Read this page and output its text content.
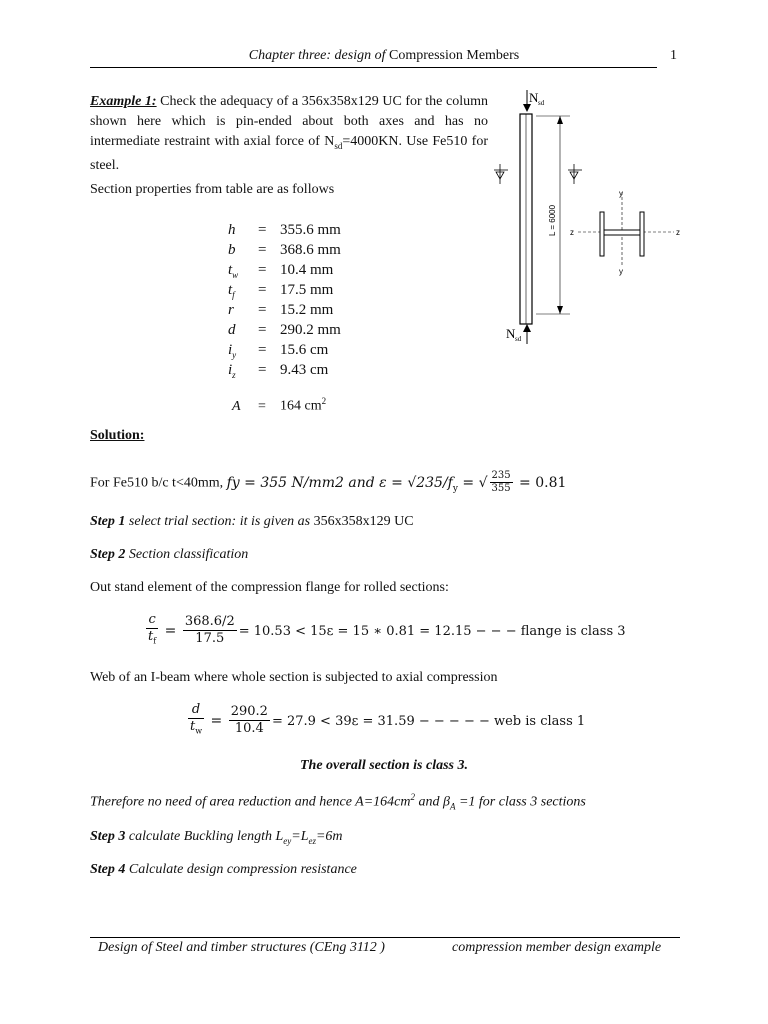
Chapter three: design of Compression Members	1
Example 1: Check the adequacy of a 356x358x129 UC for the column shown here which is pin-ended about both axes and has no intermediate restraint with axial force of $N_{sd}=4000KN$. Use Fe510 for steel.
N sd
N sd
L = 6000
y
y
z	z
Section properties from table are as follows
h = 355.6 mm
b = 368.6 mm
$t_w = 10.4$ mm
$t_f = 17.5$ mm
r = 15.2 mm
d = 290.2 mm
$i_y = 15.6$ cm
$i_z = 9.43$ cm
A = 164 $cm^2$
Solution:
For Fe510 b/c t<40mm, fy = 355 N/mm2 and $\varepsilon = √235/f_y$ = √ $\frac{235}{355} = 0.81$
Step 1 select trial section: it is given as 356x358x129 UC
Step 2 Section classification
Out stand element of the compression flange for rolled sections:
$\frac{c}{t_f} = \frac{368.6/2}{17.5} = 10.53 < 15\varepsilon = 15$ ∗ 0.81 = 12.15 − − − flange is class 3
Web of an I-beam where whole section is subjected to axial compression
$\frac{d}{t_w} = \frac{290.2}{10.4} = 27.9 < 39\varepsilon = 31.59$ − − − − − web is class 1
The overall section is class 3.
Therefore no need of area reduction and hence $A=164cm^2$ and $\beta_A =1$ for class 3 sections
Step 3 calculate Buckling length $L_{ey}=L_{ez}=6m$
Step 4 Calculate design compression resistance
Design of Steel and timber structures (CEng 3112 )	compression member design example
